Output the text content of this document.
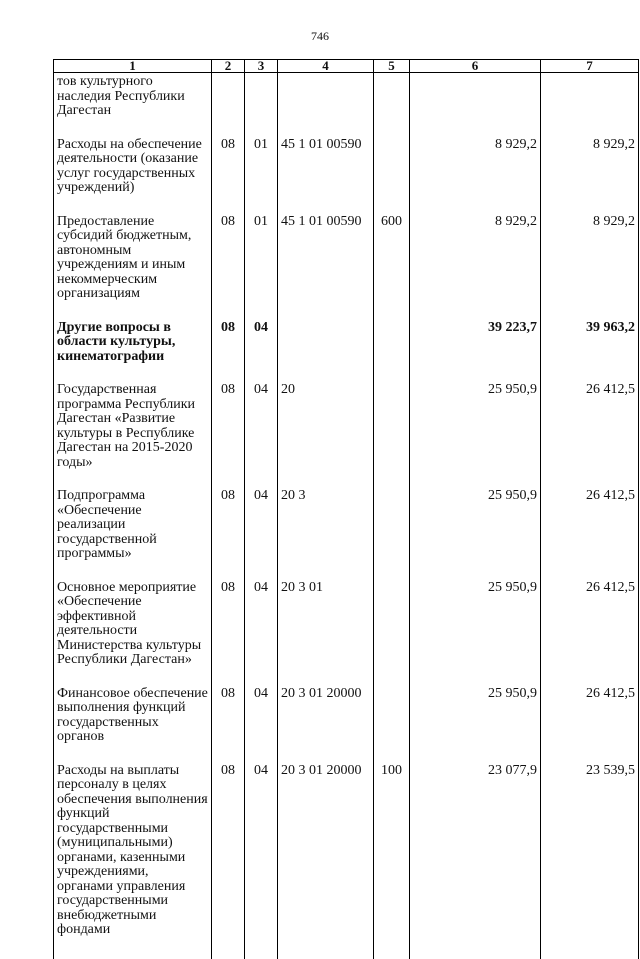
746
1	2	3	4	5	6	7
тов культурного наследия Республики Дагестан						
Расходы на обеспечение деятельности (оказание услуг государственных учреждений)	08	01	45 1 01 00590		8 929,2	8 929,2
Предоставление субсидий бюджетным, автономным учреждениям и иным некоммерческим организациям	08	01	45 1 01 00590	600	8 929,2	8 929,2
Другие вопросы в области культуры, кинематографии	08	04			39 223,7	39 963,2
Государственная программа Республики Дагестан «Развитие культуры в Республике Дагестан на 2015-2020 годы»	08	04	20		25 950,9	26 412,5
Подпрограмма «Обеспечение реализации государственной программы»	08	04	20 3		25 950,9	26 412,5
Основное мероприятие «Обеспечение эффективной деятельности Министерства культуры Республики Дагестан»	08	04	20 3 01		25 950,9	26 412,5
Финансовое обеспечение выполнения функций государственных органов	08	04	20 3 01 20000		25 950,9	26 412,5
Расходы на выплаты персоналу в целях обеспечения выполнения функций государственными (муниципальными) органами, казенными учреждениями, органами управления государственными внебюджетными фондами	08	04	20 3 01 20000	100	23 077,9	23 539,5
